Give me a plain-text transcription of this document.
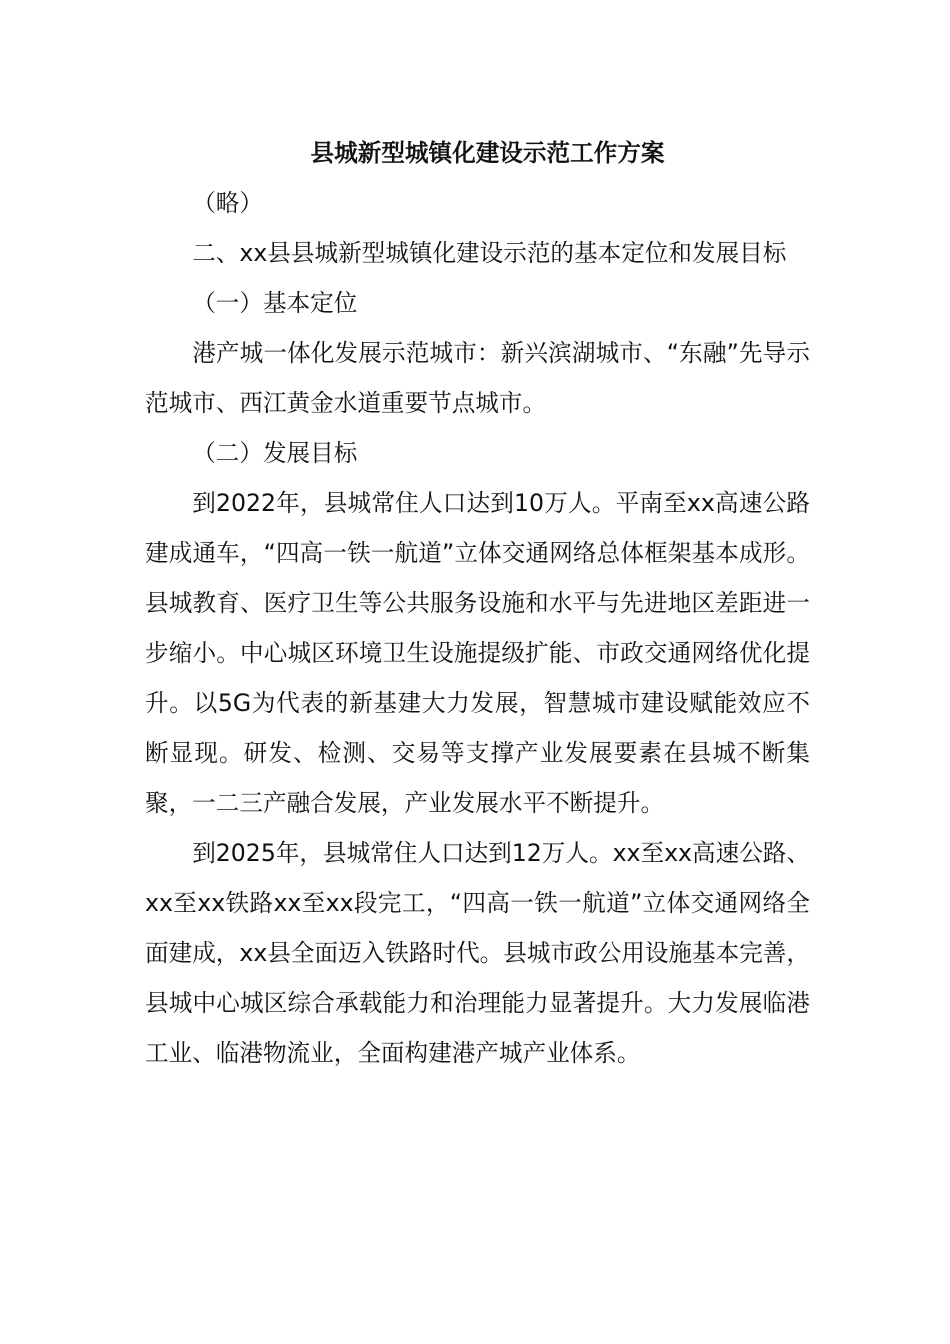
县城新型城镇化建设示范工作方案

（略）

二、xx县县城新型城镇化建设示范的基本定位和发展目标

（一）基本定位

港产城一体化发展示范城市：新兴滨湖城市、“东融”先导示范城市、西江黄金水道重要节点城市。

（二）发展目标

到2022年，县城常住人口达到10万人。平南至xx高速公路建成通车，“四高一铁一航道”立体交通网络总体框架基本成形。县城教育、医疗卫生等公共服务设施和水平与先进地区差距进一步缩小。中心城区环境卫生设施提级扩能、市政交通网络优化提升。以5G为代表的新基建大力发展，智慧城市建设赋能效应不断显现。研发、检测、交易等支撑产业发展要素在县城不断集聚，一二三产融合发展，产业发展水平不断提升。

到2025年，县城常住人口达到12万人。xx至xx高速公路、xx至xx铁路xx至xx段完工，“四高一铁一航道”立体交通网络全面建成，xx县全面迈入铁路时代。县城市政公用设施基本完善，县城中心城区综合承载能力和治理能力显著提升。大力发展临港工业、临港物流业，全面构建港产城产业体系。
